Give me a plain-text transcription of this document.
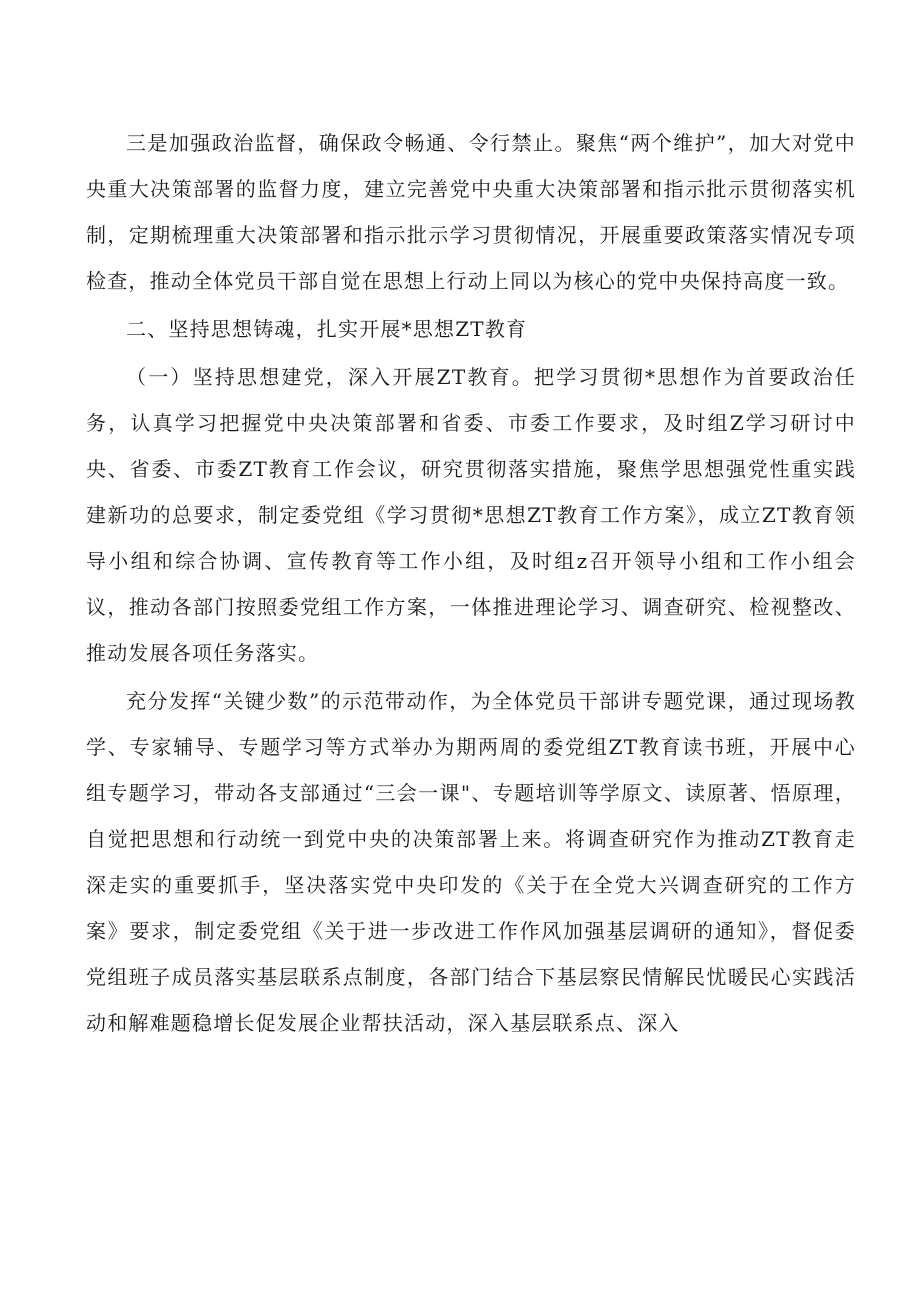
三是加强政治监督，确保政令畅通、令行禁止。聚焦“两个维护”，加大对党中央重大决策部署的监督力度，建立完善党中央重大决策部署和指示批示贯彻落实机制，定期梳理重大决策部署和指示批示学习贯彻情况，开展重要政策落实情况专项检查，推动全体党员干部自觉在思想上行动上同以为核心的党中央保持高度一致。

二、坚持思想铸魂，扎实开展*思想ZT教育

（一）坚持思想建党，深入开展ZT教育。把学习贯彻*思想作为首要政治任务，认真学习把握党中央决策部署和省委、市委工作要求，及时组Z学习研讨中央、省委、市委ZT教育工作会议，研究贯彻落实措施，聚焦学思想强党性重实践建新功的总要求，制定委党组《学习贯彻*思想ZT教育工作方案》，成立ZT教育领导小组和综合协调、宣传教育等工作小组，及时组z召开领导小组和工作小组会议，推动各部门按照委党组工作方案，一体推进理论学习、调查研究、检视整改、推动发展各项任务落实。

充分发挥“关键少数”的示范带动作，为全体党员干部讲专题党课，通过现场教学、专家辅导、专题学习等方式举办为期两周的委党组ZT教育读书班，开展中心组专题学习，带动各支部通过“三会一课"、专题培训等学原文、读原著、悟原理，自觉把思想和行动统一到党中央的决策部署上来。将调查研究作为推动ZT教育走深走实的重要抓手，坚决落实党中央印发的《关于在全党大兴调查研究的工作方案》要求，制定委党组《关于进一步改进工作作风加强基层调研的通知》，督促委党组班子成员落实基层联系点制度，各部门结合下基层察民情解民忧暖民心实践活动和解难题稳增长促发展企业帮扶活动，深入基层联系点、深入
